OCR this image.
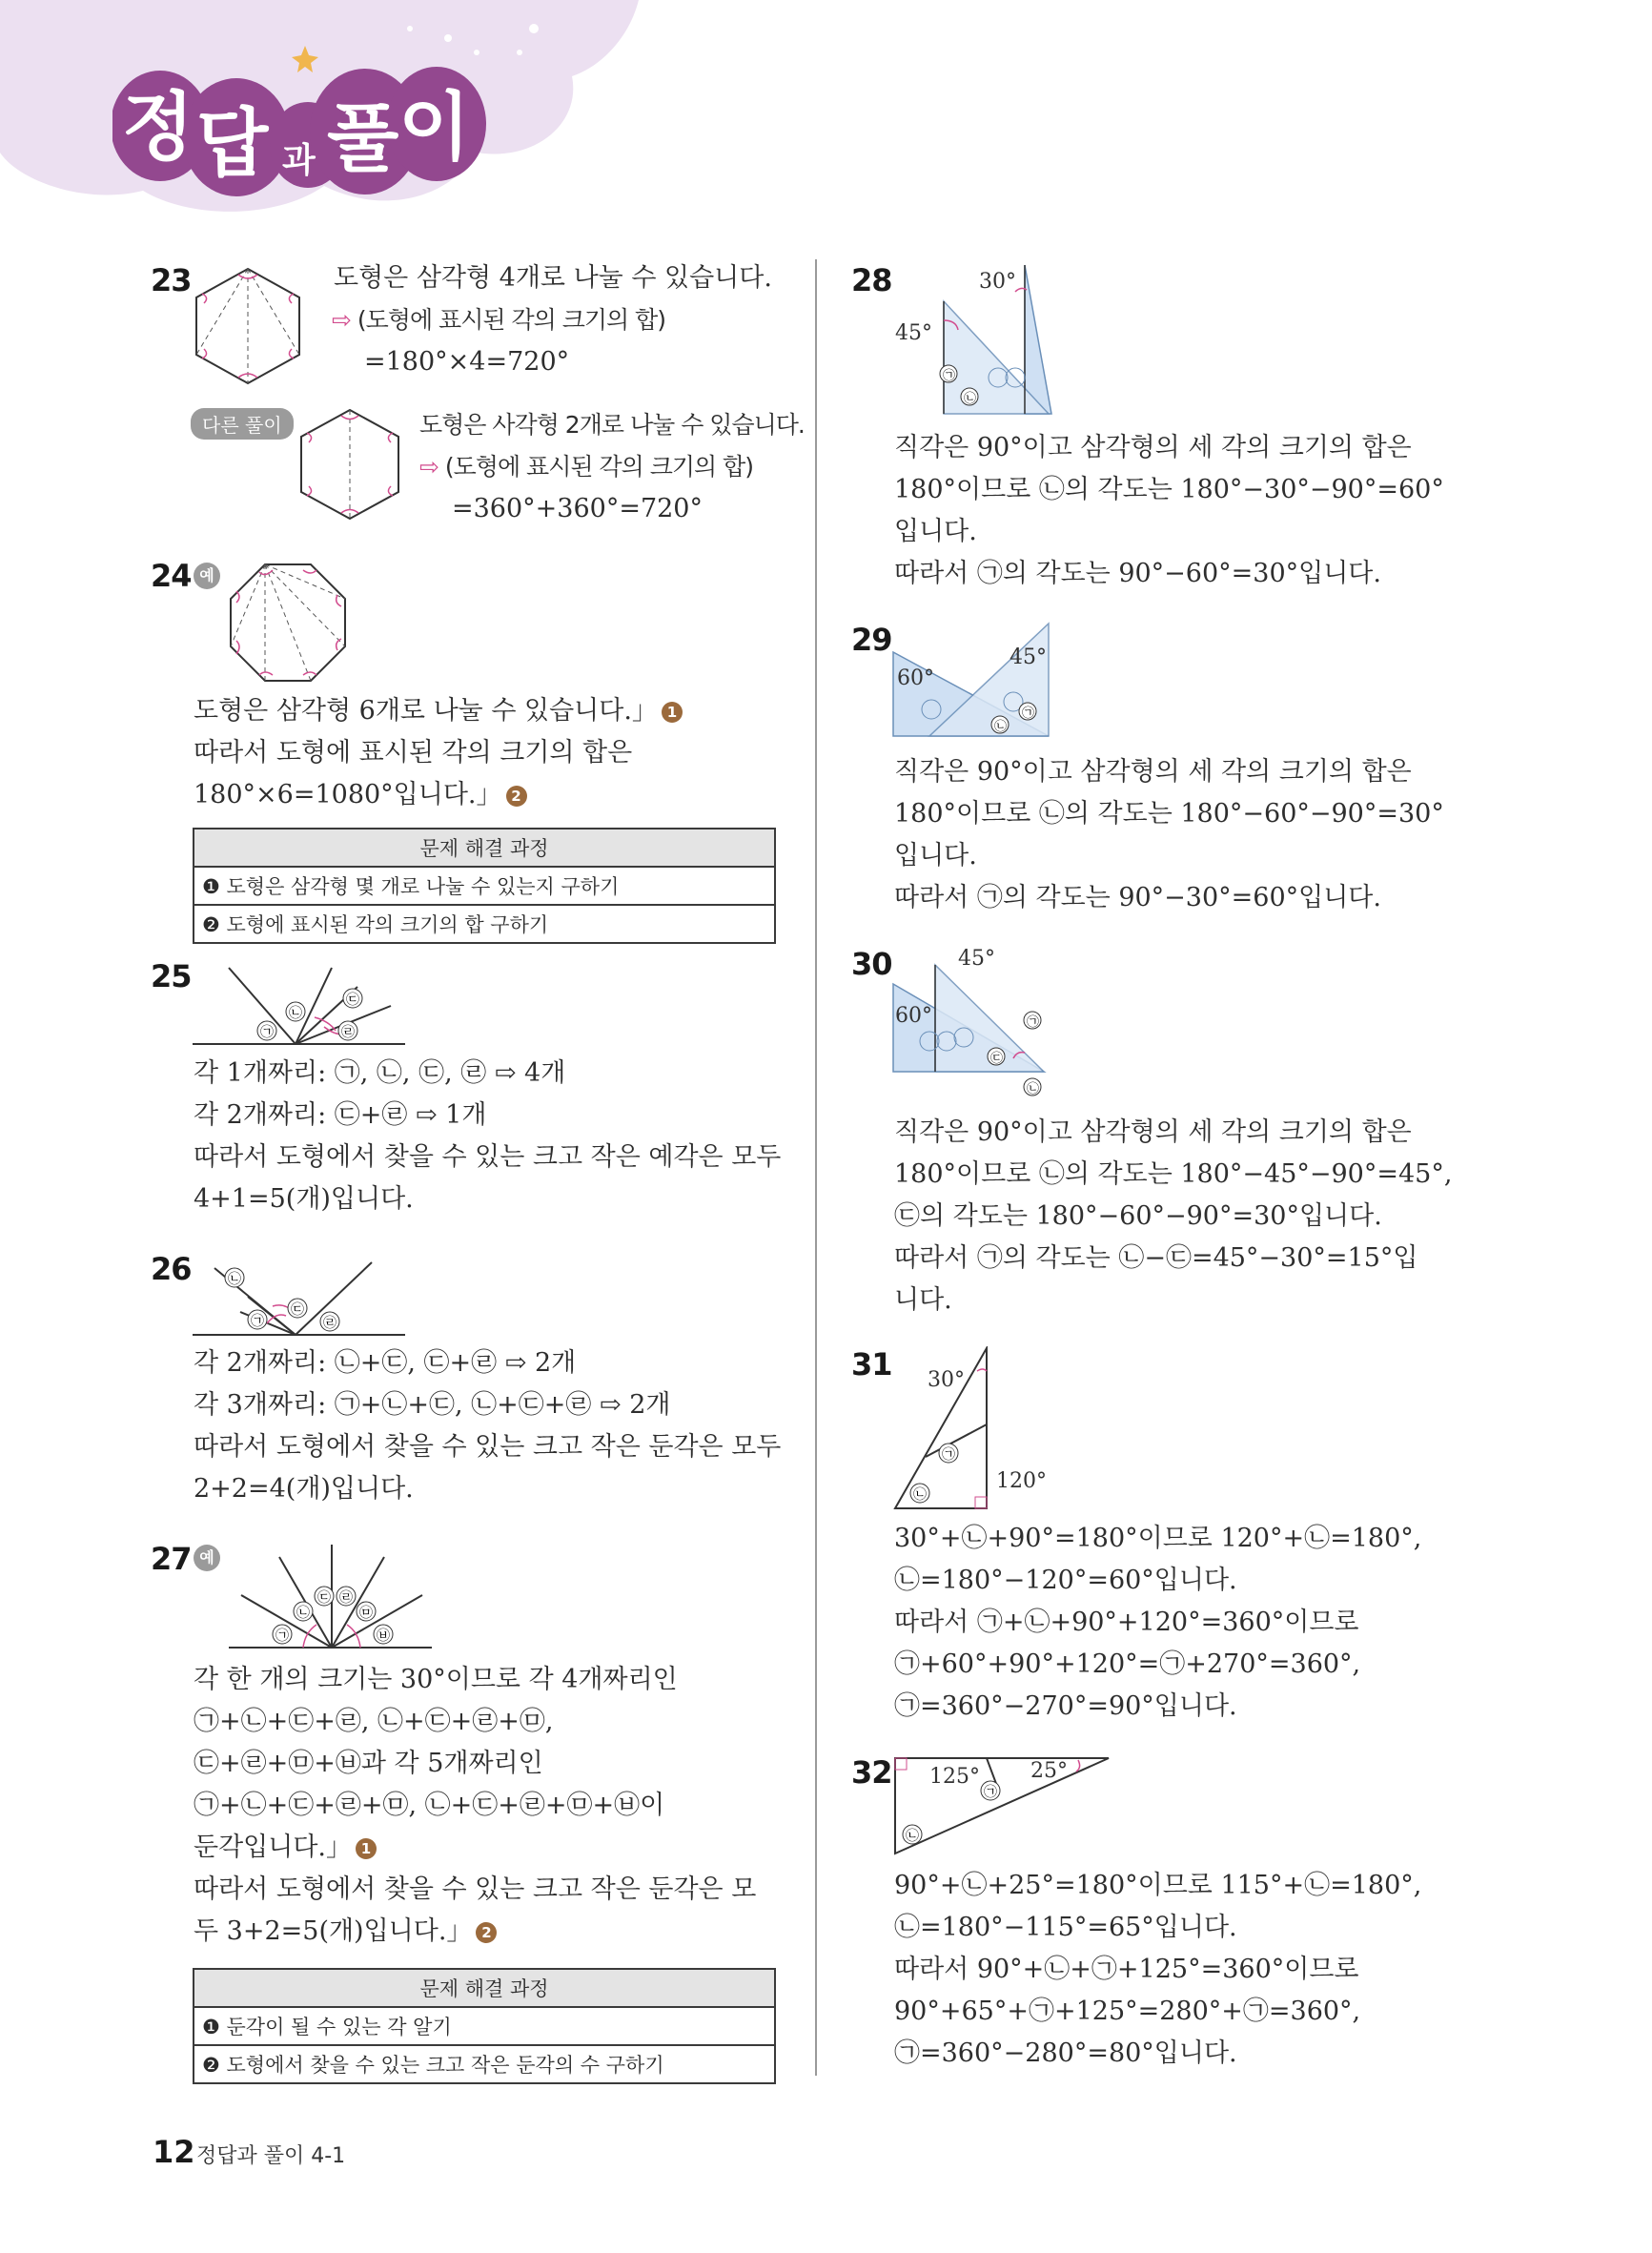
정 답 과 풀 이
23	도형은 삼각형 4개로 나눌 수 있습니다.
⇨ (도형에 표시된 각의 크기의 합)
=180°×4=720°
다른 풀이	도형은 사각형 2개로 나눌 수 있습니다.
⇨ (도형에 표시된 각의 크기의 합)
=360°+360°=720°
24 예
도형은 삼각형 6개로 나눌 수 있습니다.」 1
따라서 도형에 표시된 각의 크기의 합은
180°×6=1080°입니다.」 2
문제 해결 과정
❶ 도형은 삼각형 몇 개로 나눌 수 있는지 구하기
❷ 도형에 표시된 각의 크기의 합 구하기
25
㉠
㉡
㉢
㉣
각 1개짜리: ㉠, ㉡, ㉢, ㉣ ⇨ 4개
각 2개짜리: ㉢+㉣ ⇨ 1개
따라서 도형에서 찾을 수 있는 크고 작은 예각은 모두
4+1=5(개)입니다.
26	㉡
㉠
㉢
㉣
각 2개짜리: ㉡+㉢, ㉢+㉣ ⇨ 2개
각 3개짜리: ㉠+㉡+㉢, ㉡+㉢+㉣ ⇨ 2개
따라서 도형에서 찾을 수 있는 크고 작은 둔각은 모두
2+2=4(개)입니다.
27 예
㉠
㉡
㉢ ㉣
㉤
㉥
각 한 개의 크기는 30°이므로 각 4개짜리인
㉠+㉡+㉢+㉣, ㉡+㉢+㉣+㉤,
㉢+㉣+㉤+㉥과 각 5개짜리인
㉠+㉡+㉢+㉣+㉤, ㉡+㉢+㉣+㉤+㉥이
둔각입니다.」 1
따라서 도형에서 찾을 수 있는 크고 작은 둔각은 모
두 3+2=5(개)입니다.」 2
문제 해결 과정
❶ 둔각이 될 수 있는 각 알기
❷ 도형에서 찾을 수 있는 크고 작은 둔각의 수 구하기
28
㉠
㉡
30°
45°
직각은 90°이고 삼각형의 세 각의 크기의 합은
180°이므로 ㉡의 각도는 180°−30°−90°=60°
입니다.
따라서 ㉠의 각도는 90°−60°=30°입니다.
29
㉡
㉠
60°
45°
직각은 90°이고 삼각형의 세 각의 크기의 합은
180°이므로 ㉡의 각도는 180°−60°−90°=30°
입니다.
따라서 ㉠의 각도는 90°−30°=60°입니다.
30
㉠
㉢
㉡
45°
60°
직각은 90°이고 삼각형의 세 각의 크기의 합은
180°이므로 ㉡의 각도는 180°−45°−90°=45°,
㉢의 각도는 180°−60°−90°=30°입니다.
따라서 ㉠의 각도는 ㉡−㉢=45°−30°=15°입
니다.
31
㉠
㉡
30°
120°
30°+㉡+90°=180°이므로 120°+㉡=180°,
㉡=180°−120°=60°입니다.
따라서 ㉠+㉡+90°+120°=360°이므로
㉠+60°+90°+120°=㉠+270°=360°,
㉠=360°−270°=90°입니다.
32
㉠
㉡
125° 25°
90°+㉡+25°=180°이므로 115°+㉡=180°,
㉡=180°−115°=65°입니다.
따라서 90°+㉡+㉠+125°=360°이므로
90°+65°+㉠+125°=280°+㉠=360°,
㉠=360°−280°=80°입니다.
12 정답과 풀이 4-1
